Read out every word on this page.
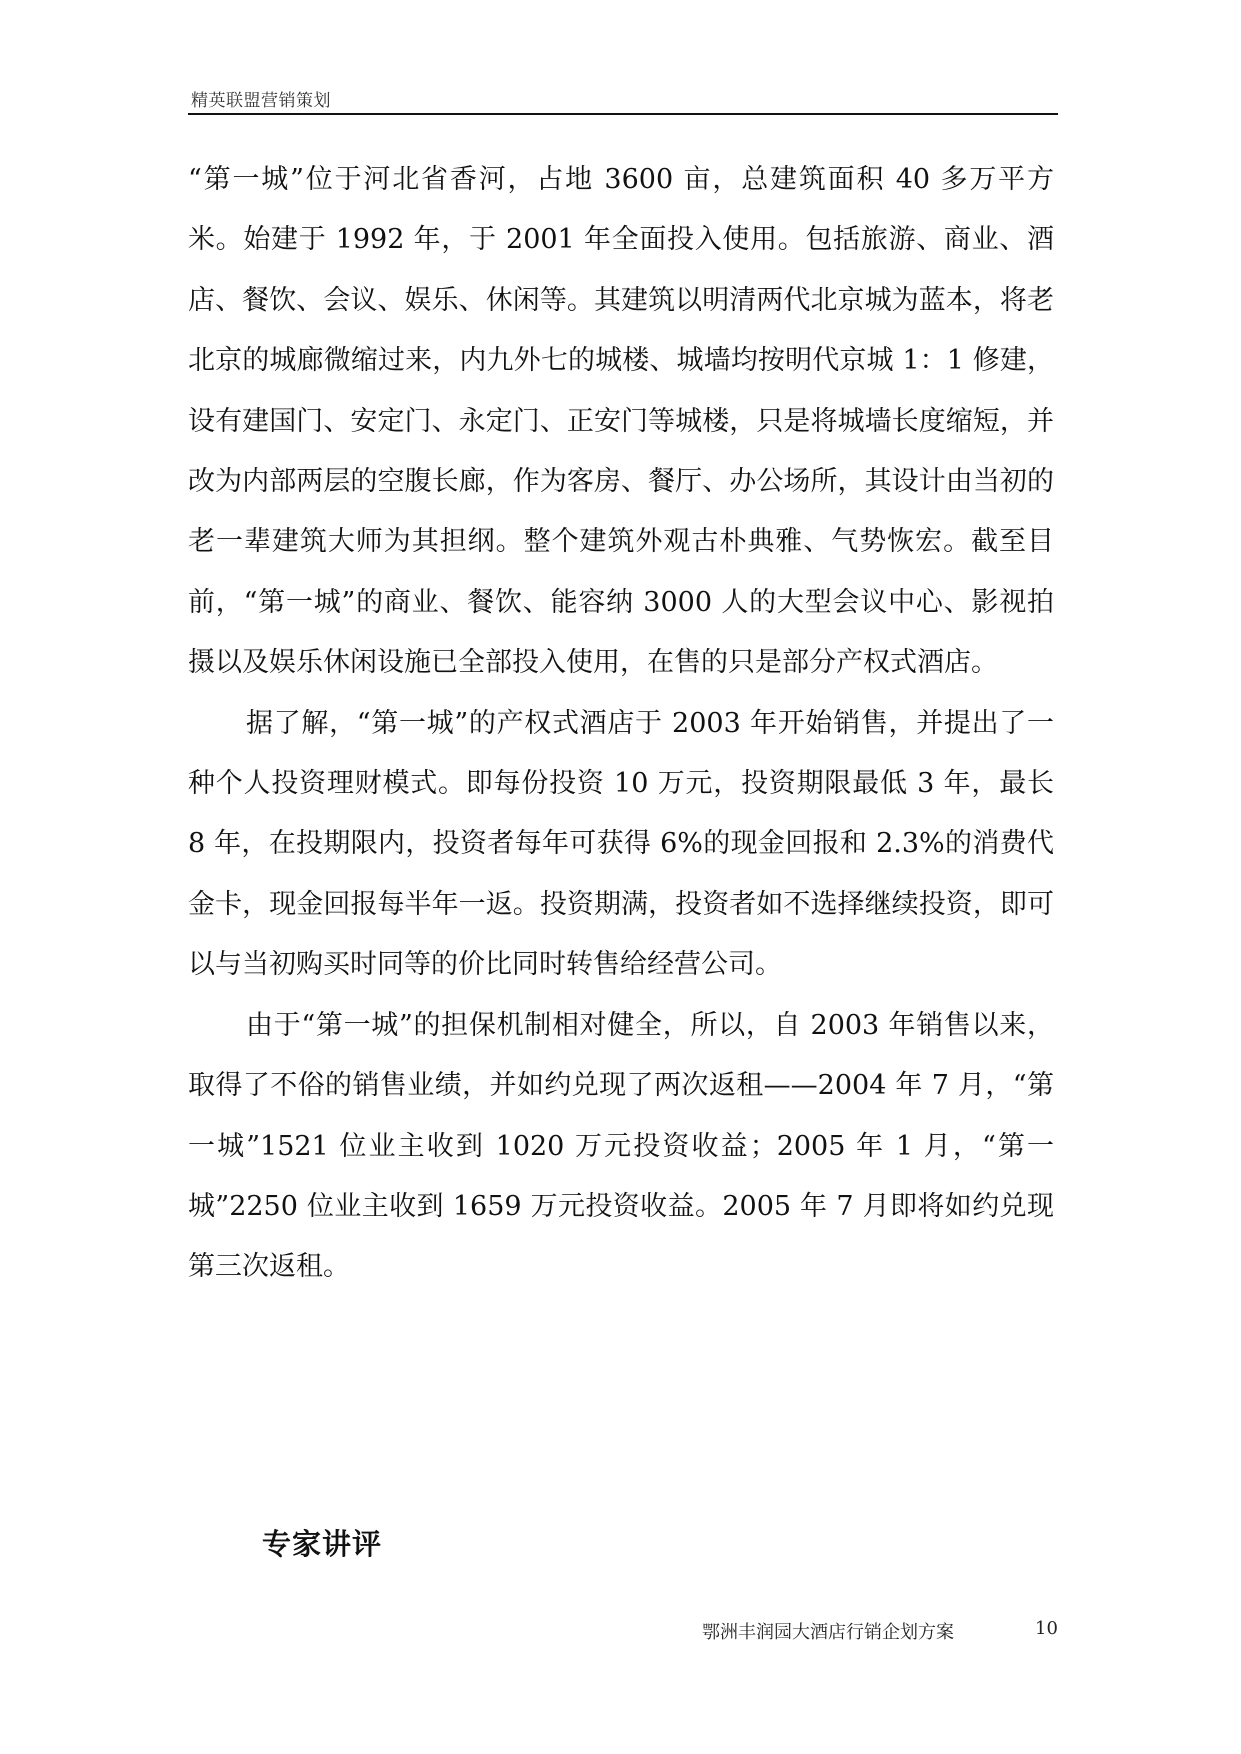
精英联盟营销策划

“第一城”位于河北省香河，占地 3600 亩，总建筑面积 40 多万平方米。始建于 1992 年，于 2001 年全面投入使用。包括旅游、商业、酒店、餐饮、会议、娱乐、休闲等。其建筑以明清两代北京城为蓝本，将老北京的城廊微缩过来，内九外七的城楼、城墙均按明代京城 1：1 修建，设有建国门、安定门、永定门、正安门等城楼，只是将城墙长度缩短，并改为内部两层的空腹长廊，作为客房、餐厅、办公场所，其设计由当初的老一辈建筑大师为其担纲。整个建筑外观古朴典雅、气势恢宏。截至目前，“第一城”的商业、餐饮、能容纳 3000 人的大型会议中心、影视拍摄以及娱乐休闲设施已全部投入使用，在售的只是部分产权式酒店。

据了解，“第一城”的产权式酒店于 2003 年开始销售，并提出了一种个人投资理财模式。即每份投资 10 万元，投资期限最低 3 年，最长 8 年，在投期限内，投资者每年可获得 6%的现金回报和 2.3%的消费代金卡，现金回报每半年一返。投资期满，投资者如不选择继续投资，即可以与当初购买时同等的价比同时转售给经营公司。

由于“第一城”的担保机制相对健全，所以，自 2003 年销售以来，取得了不俗的销售业绩，并如约兑现了两次返租——2004 年 7 月，“第一城”1521 位业主收到 1020 万元投资收益；2005 年 1 月，“第一城”2250 位业主收到 1659 万元投资收益。2005 年 7 月即将如约兑现第三次返租。

专家讲评
鄂洲丰润园大酒店行销企划方案	10
